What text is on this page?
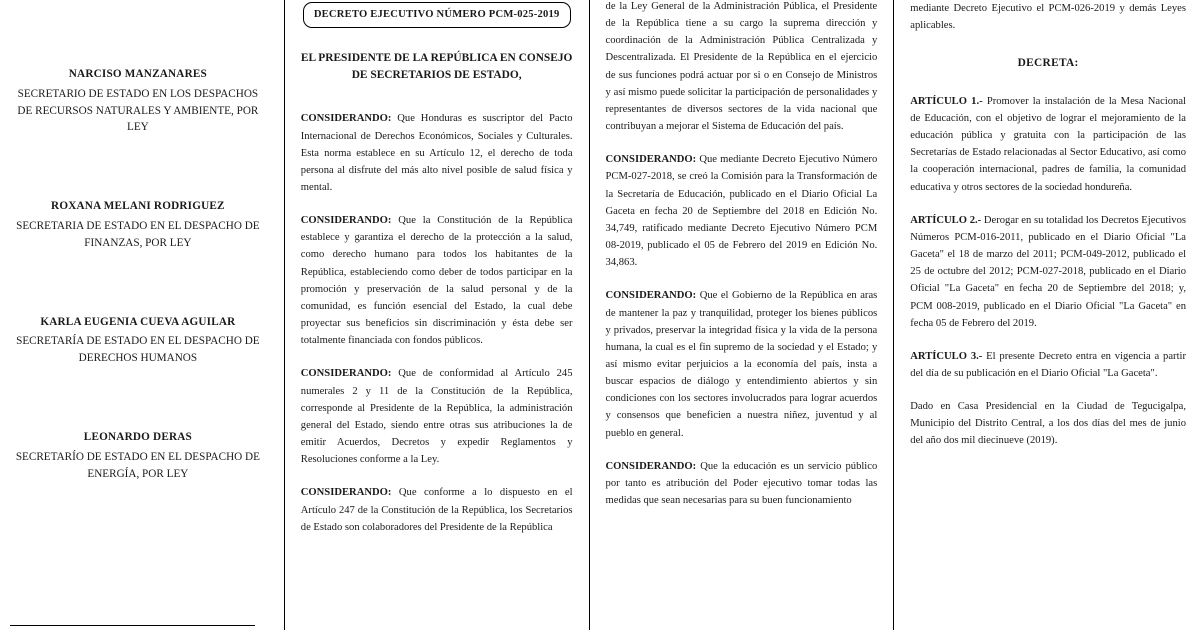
NARCISO MANZANARES
SECRETARIO DE ESTADO EN LOS DESPACHOS DE RECURSOS NATURALES Y AMBIENTE, POR LEY
ROXANA MELANI RODRIGUEZ
SECRETARIA DE ESTADO EN EL DESPACHO DE FINANZAS, POR LEY
KARLA EUGENIA CUEVA AGUILAR
SECRETARÍA DE ESTADO EN EL DESPACHO DE DERECHOS HUMANOS
LEONARDO DERAS
SECRETARÍO DE ESTADO EN EL DESPACHO DE ENERGÍA, POR LEY
DECRETO EJECUTIVO NÚMERO PCM-025-2019
EL PRESIDENTE DE LA REPÚBLICA EN CONSEJO
DE SECRETARIOS DE ESTADO,

CONSIDERANDO: Que Honduras es suscriptor del Pacto Internacional de Derechos Económicos, Sociales y Culturales. Esta norma establece en su Artículo 12, el derecho de toda persona al disfrute del más alto nivel posible de salud física y mental.

CONSIDERANDO: Que la Constitución de la República establece y garantiza el derecho de la protección a la salud, como derecho humano para todos los habitantes de la República, estableciendo como deber de todos participar en la promoción y preservación de la salud personal y de la comunidad, es función esencial del Estado, la cual debe proyectar sus beneficios sin discriminación y ésta debe ser totalmente financiada con fondos públicos.

CONSIDERANDO: Que de conformidad al Artículo 245 numerales 2 y 11 de la Constitución de la República, corresponde al Presidente de la República, la administración general del Estado, siendo entre otras sus atribuciones la de emitir Acuerdos, Decretos y expedir Reglamentos y Resoluciones conforme a la Ley.

CONSIDERANDO: Que conforme a lo dispuesto en el Artículo 247 de la Constitución de la República, los Secretarios de Estado son colaboradores del Presidente de la República

de la Ley General de la Administración Pública, el Presidente de la República tiene a su cargo la suprema dirección y coordinación de la Administración Pública Centralizada y Descentralizada. El Presidente de la República en el ejercicio de sus funciones podrá actuar por si o en Consejo de Ministros y así mismo puede solicitar la participación de personalidades y representantes de diversos sectores de la vida nacional que contribuyan a mejorar el Sistema de Educación del país.

CONSIDERANDO: Que mediante Decreto Ejecutivo Número PCM-027-2018, se creó la Comisión para la Transformación de la Secretaría de Educación, publicado en el Diario Oficial La Gaceta en fecha 20 de Septiembre del 2018 en Edición No. 34,749, ratificado mediante Decreto Ejecutivo Número PCM 08-2019, publicado el 05 de Febrero del 2019 en Edición No. 34,863.

CONSIDERANDO: Que el Gobierno de la República en aras de mantener la paz y tranquilidad, proteger los bienes públicos y privados, preservar la integridad física y la vida de la persona humana, la cual es el fin supremo de la sociedad y el Estado; y así mismo evitar perjuicios a la economía del país, insta a buscar espacios de diálogo y entendimiento abiertos y sin condiciones con los sectores involucrados para lograr acuerdos y consensos que beneficien a nuestra niñez, juventud y al pueblo en general.

CONSIDERANDO: Que la educación es un servicio público por tanto es atribución del Poder ejecutivo tomar todas las medidas que sean necesarias para su buen funcionamiento

mediante Decreto Ejecutivo el PCM-026-2019 y demás Leyes aplicables.

DECRETA:

ARTÍCULO 1.- Promover la instalación de la Mesa Nacional de Educación, con el objetivo de lograr el mejoramiento de la educación pública y gratuita con la participación de las Secretarías de Estado relacionadas al Sector Educativo, así como la cooperación internacional, padres de familia, la comunidad educativa y otros sectores de la sociedad hondureña.

ARTÍCULO 2.- Derogar en su totalidad los Decretos Ejecutivos Números PCM-016-2011, publicado en el Diario Oficial "La Gaceta" el 18 de marzo del 2011; PCM-049-2012, publicado el 25 de octubre del 2012; PCM-027-2018, publicado en el Diario Oficial "La Gaceta" en fecha 20 de Septiembre del 2018; y, PCM 008-2019, publicado en el Diario Oficial "La Gaceta" en fecha 05 de Febrero del 2019.

ARTÍCULO 3.- El presente Decreto entra en vigencia a partir del día de su publicación en el Diario Oficial "La Gaceta".

Dado en Casa Presidencial en la Ciudad de Tegucigalpa, Municipio del Distrito Central, a los dos días del mes de junio del año dos mil diecinueve (2019).
